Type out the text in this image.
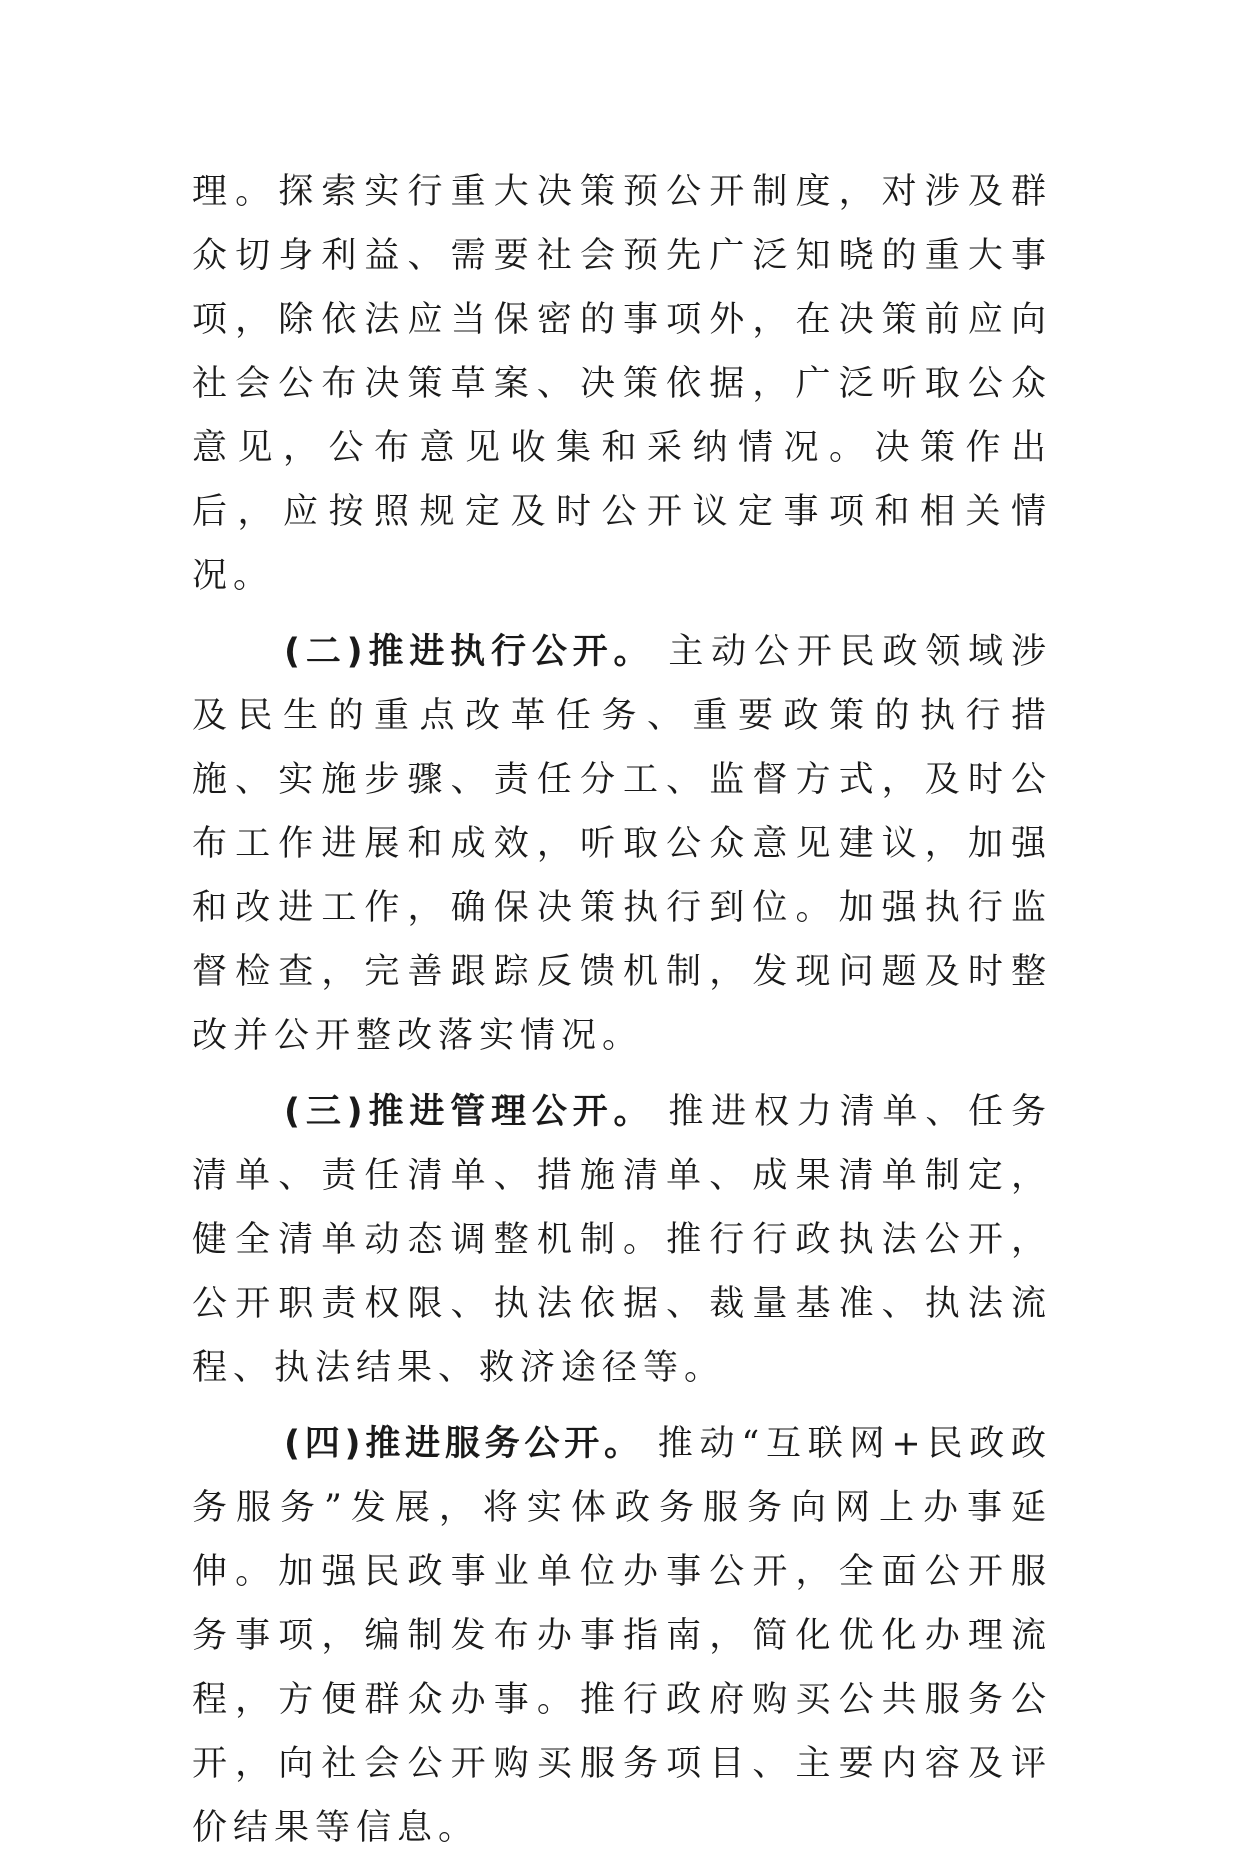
理。探索实行重大决策预公开制度，对涉及群众切身利益、需要社会预先广泛知晓的重大事项，除依法应当保密的事项外，在决策前应向社会公布决策草案、决策依据，广泛听取公众意见，公布意见收集和采纳情况。决策作出后，应按照规定及时公开议定事项和相关情况。

(二)推进执行公开。 主动公开民政领域涉及民生的重点改革任务、重要政策的执行措施、实施步骤、责任分工、监督方式，及时公布工作进展和成效，听取公众意见建议，加强和改进工作，确保决策执行到位。加强执行监督检查，完善跟踪反馈机制，发现问题及时整改并公开整改落实情况。

(三)推进管理公开。 推进权力清单、任务清单、责任清单、措施清单、成果清单制定，健全清单动态调整机制。推行行政执法公开，公开职责权限、执法依据、裁量基准、执法流程、执法结果、救济途径等。

(四)推进服务公开。 推动“互联网+民政政务服务”发展，将实体政务服务向网上办事延伸。加强民政事业单位办事公开，全面公开服务事项，编制发布办事指南，简化优化办理流程，方便群众办事。推行政府购买公共服务公开，向社会公开购买服务项目、主要内容及评价结果等信息。
